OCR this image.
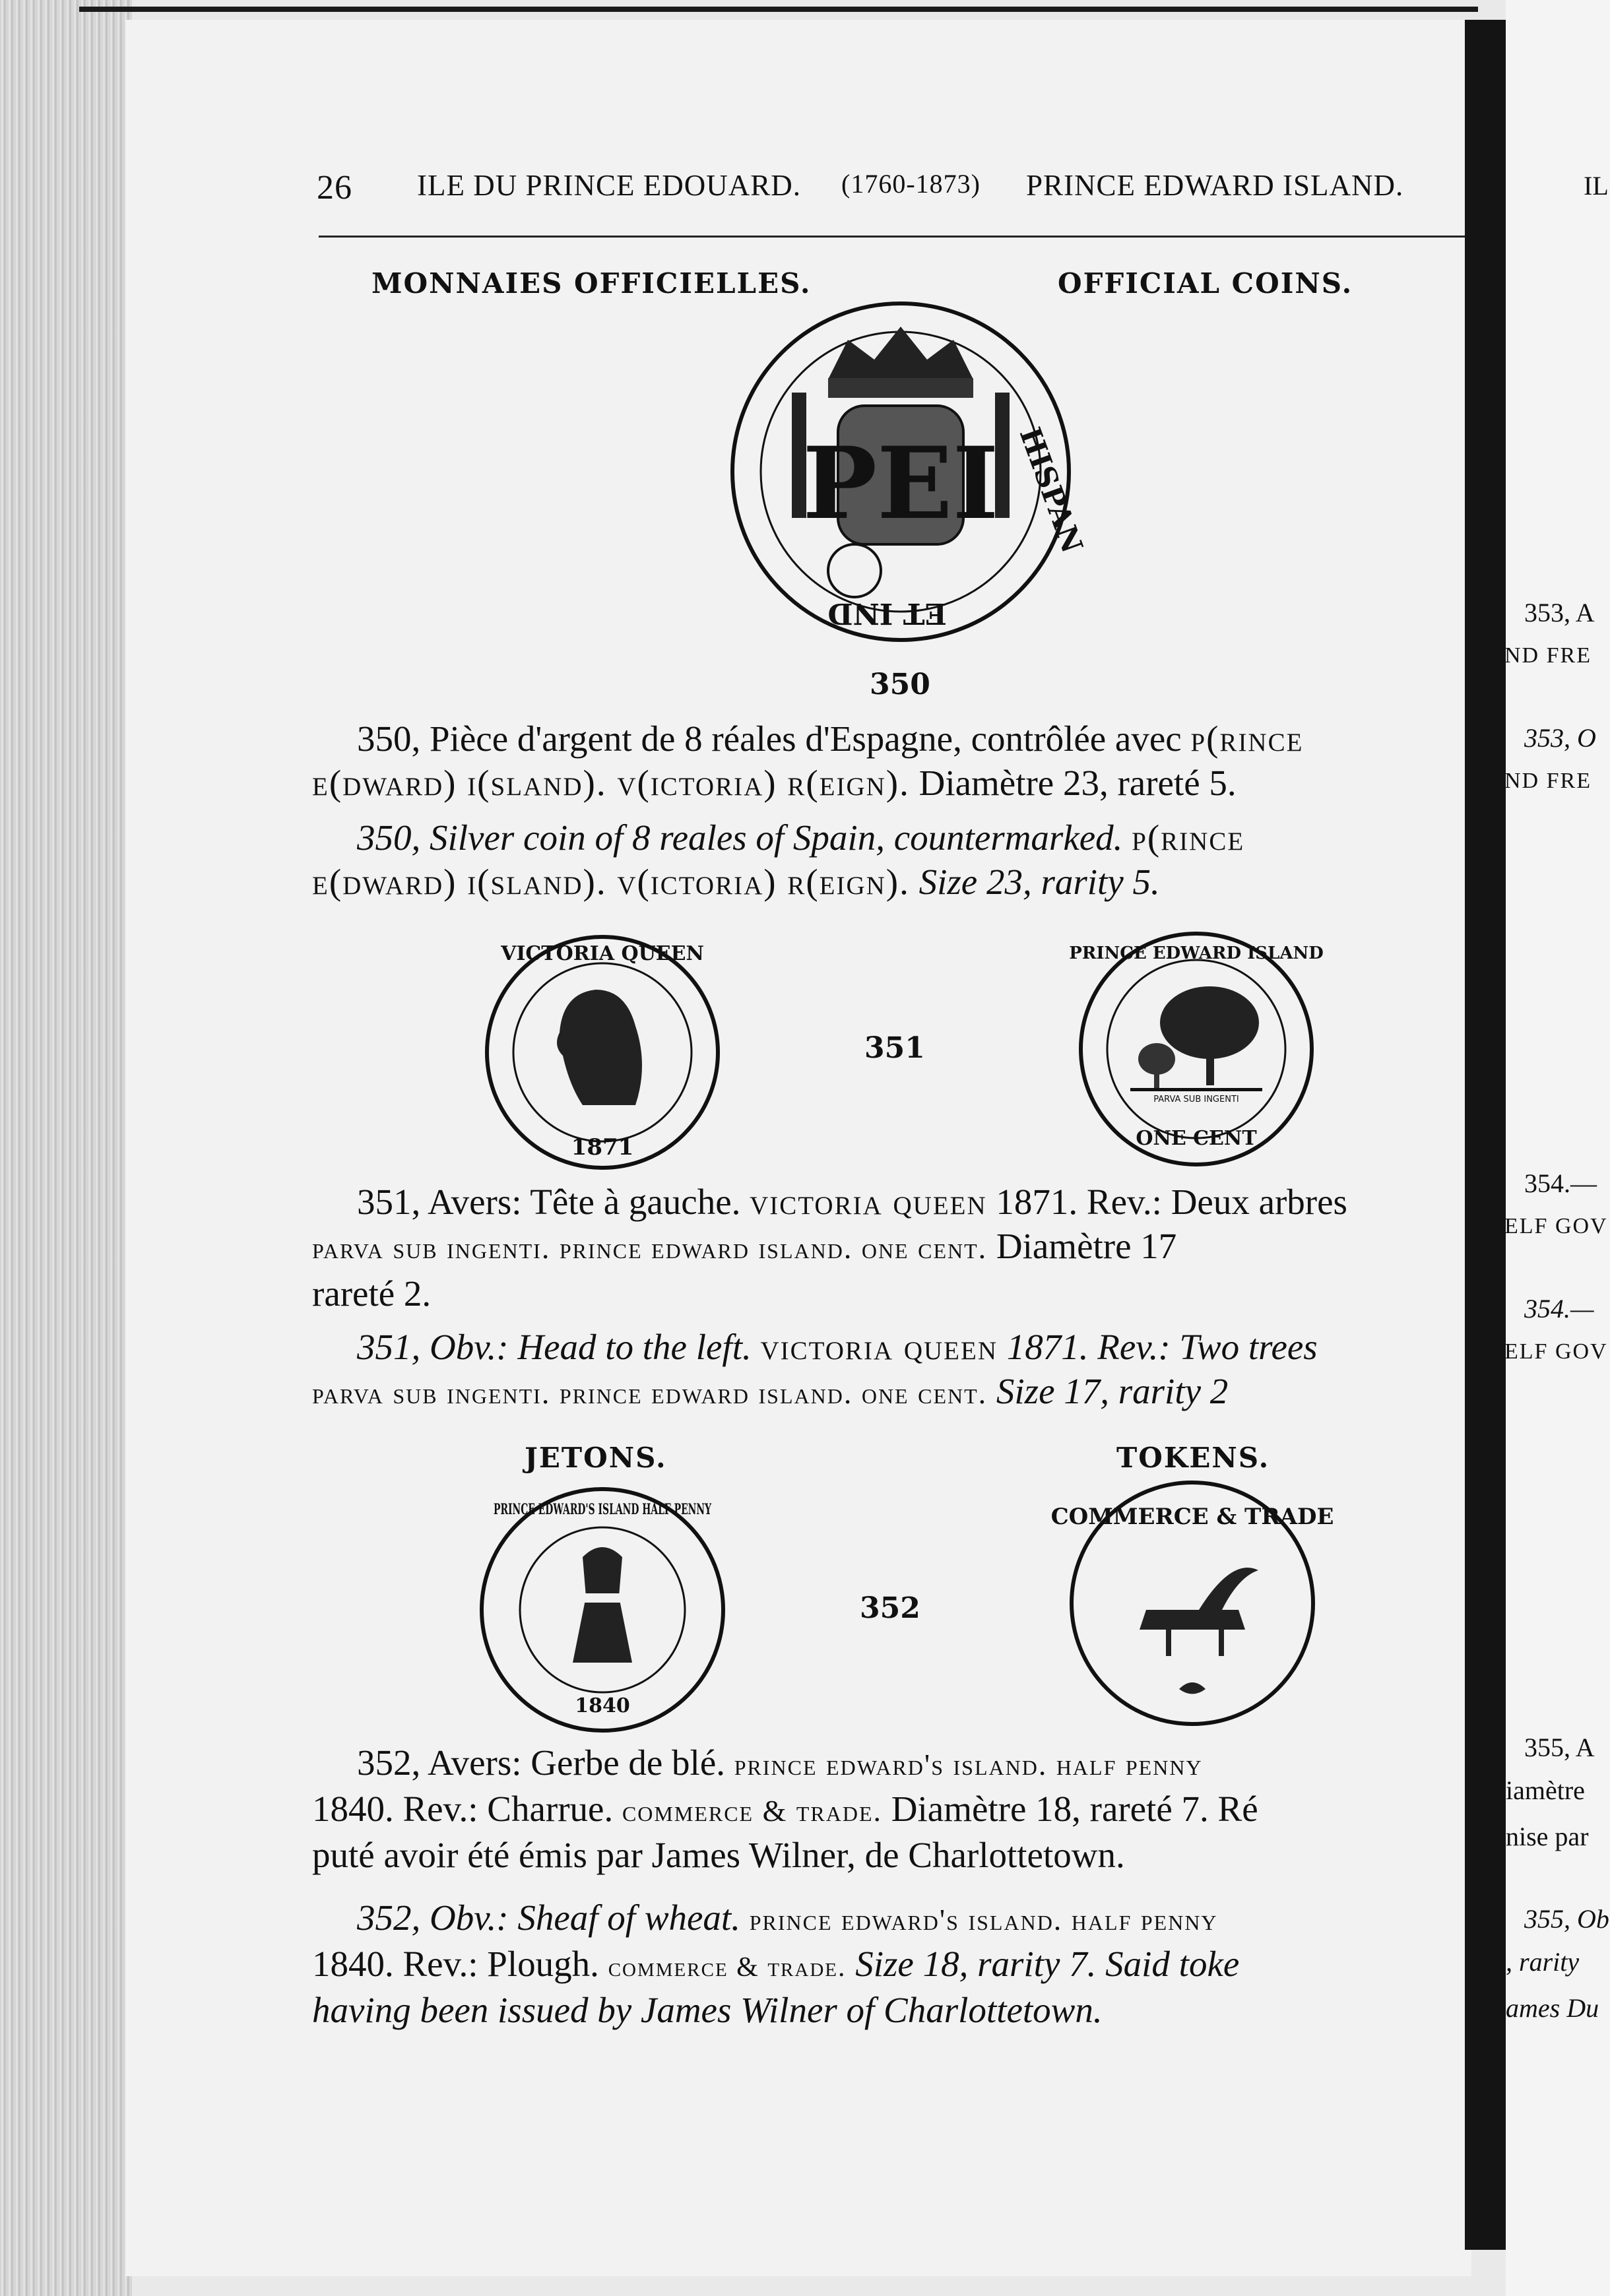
26 ILE DU PRINCE EDOUARD. (1760-1873) PRINCE EDWARD ISLAND.
MONNAIES OFFICIELLES.	OFFICIAL COINS.
PEI HISPAN
ET IND
350
350, Pièce d'argent de 8 réales d'Espagne, contrôlée avec p(rince
e(dward) i(sland). v(ictoria) r(eign). Diamètre 23, rareté 5.
350, Silver coin of 8 reales of Spain, countermarked. p(rince
e(dward) i(sland). v(ictoria) r(eign). Size 23, rarity 5.
VICTORIA QUEEN
1871
351
PARVA SUB INGENTI
PRINCE EDWARD ISLAND
ONE CENT
351, Avers: Tête à gauche. victoria queen 1871. Rev.: Deux arbres
parva sub ingenti. prince edward island. one cent. Diamètre 17
rareté 2.
351, Obv.: Head to the left. victoria queen 1871. Rev.: Two trees
parva sub ingenti. prince edward island. one cent. Size 17, rarity 2
JETONS.	TOKENS.
PRINCE EDWARD'S ISLAND HALF PENNY
1840
352
COMMERCE & TRADE
352, Avers: Gerbe de blé. prince edward's island. half penny
1840. Rev.: Charrue. commerce & trade. Diamètre 18, rareté 7. Ré
puté avoir été émis par James Wilner, de Charlottetown.
352, Obv.: Sheaf of wheat. prince edward's island. half penny
1840. Rev.: Plough. commerce & trade. Size 18, rarity 7. Said toke
having been issued by James Wilner of Charlottetown.
IL
353, A
ND FRE
353, O
ND FRE
354.—
ELF GOV
354.—
ELF GOV
355, A
iamètre
nise par
355, Ob
, rarity
ames Du
